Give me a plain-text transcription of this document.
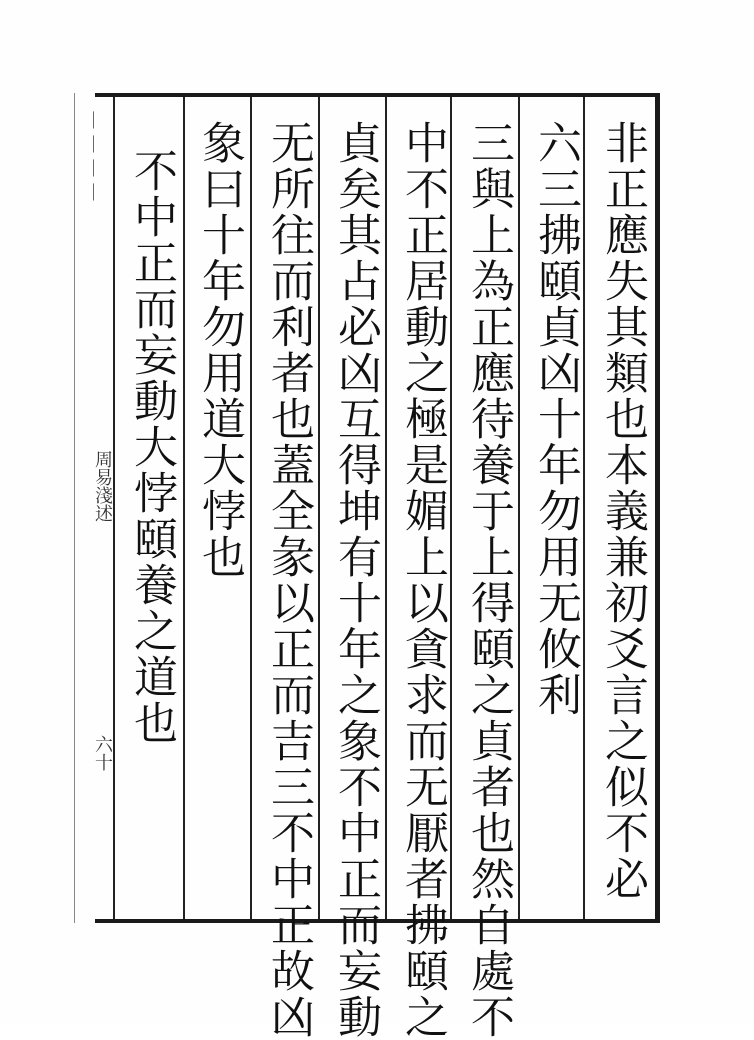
非正應失其類也本義兼初爻言之似不必
六三拂頤貞凶十年勿用无攸利
三與上為正應待養于上得頤之貞者也然自處不
中不正居動之極是媚上以貪求而无厭者拂頤之
貞矣其占必凶互得坤有十年之象不中正而妄動
无所往而利者也蓋全彖以正而吉三不中正故凶
象曰十年勿用道大悖也
不中正而妄動大悖頤養之道也
︱︱︱︱
周易淺述
六十
